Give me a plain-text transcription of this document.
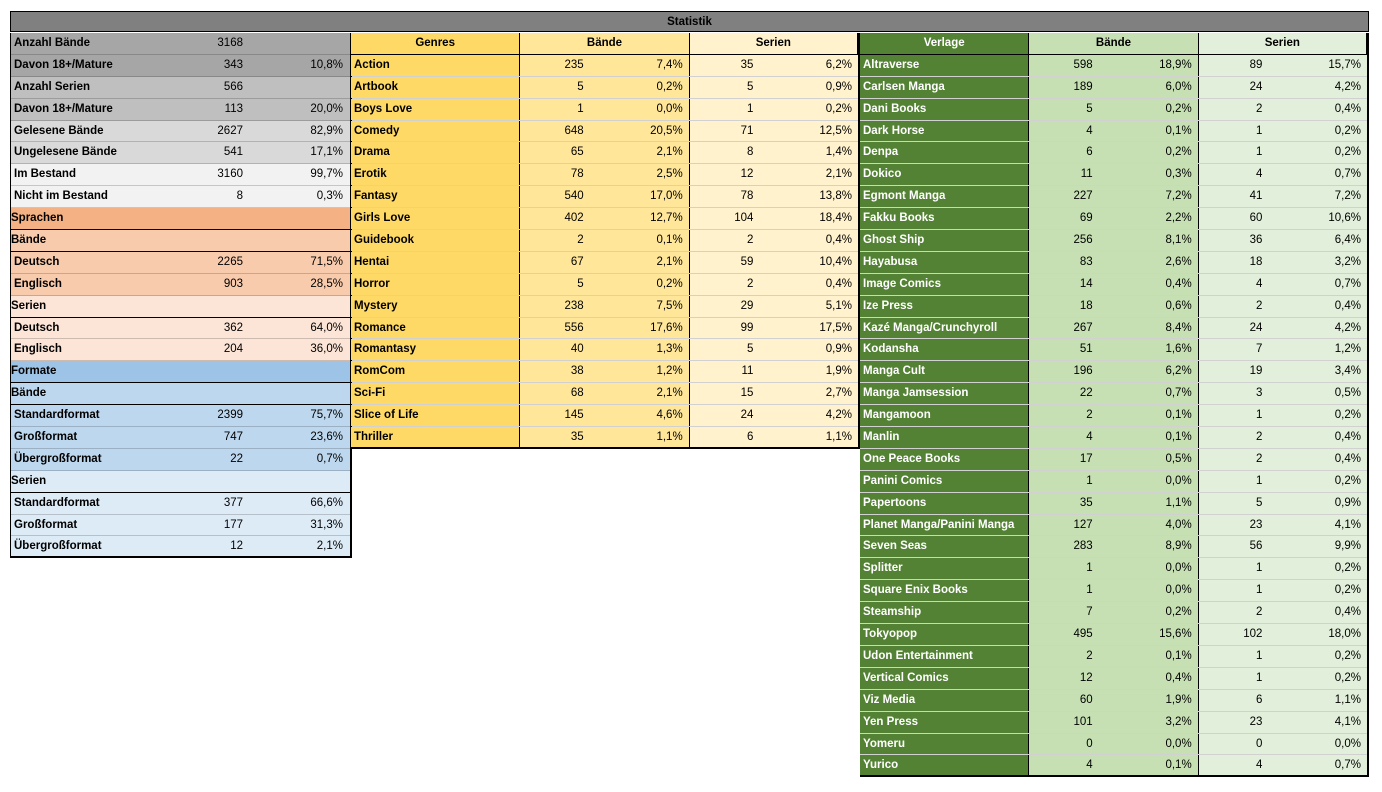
Statistik
Anzahl Bände	3168
Davon 18+/Mature	343	10,8%
Anzahl Serien	566
Davon 18+/Mature	113	20,0%
Gelesene Bände	2627	82,9%
Ungelesene Bände	541	17,1%
Im Bestand	3160	99,7%
Nicht im Bestand	8	0,3%
Sprachen
Bände
Deutsch	2265	71,5%
Englisch	903	28,5%
Serien
Deutsch	362	64,0%
Englisch	204	36,0%
Formate
Bände
Standardformat	2399	75,7%
Großformat	747	23,6%
Übergroßformat	22	0,7%
Serien
Standardformat	377	66,6%
Großformat	177	31,3%
Übergroßformat	12	2,1%
Genres	Bände	Serien
Action	235	7,4%	35	6,2%
Artbook	5	0,2%	5	0,9%
Boys Love	1	0,0%	1	0,2%
Comedy	648	20,5%	71	12,5%
Drama	65	2,1%	8	1,4%
Erotik	78	2,5%	12	2,1%
Fantasy	540	17,0%	78	13,8%
Girls Love	402	12,7%	104	18,4%
Guidebook	2	0,1%	2	0,4%
Hentai	67	2,1%	59	10,4%
Horror	5	0,2%	2	0,4%
Mystery	238	7,5%	29	5,1%
Romance	556	17,6%	99	17,5%
Romantasy	40	1,3%	5	0,9%
RomCom	38	1,2%	11	1,9%
Sci-Fi	68	2,1%	15	2,7%
Slice of Life	145	4,6%	24	4,2%
Thriller	35	1,1%	6	1,1%
Verlage	Bände	Serien
Altraverse	598	18,9%	89	15,7%
Carlsen Manga	189	6,0%	24	4,2%
Dani Books	5	0,2%	2	0,4%
Dark Horse	4	0,1%	1	0,2%
Denpa	6	0,2%	1	0,2%
Dokico	11	0,3%	4	0,7%
Egmont Manga	227	7,2%	41	7,2%
Fakku Books	69	2,2%	60	10,6%
Ghost Ship	256	8,1%	36	6,4%
Hayabusa	83	2,6%	18	3,2%
Image Comics	14	0,4%	4	0,7%
Ize Press	18	0,6%	2	0,4%
Kazé Manga/Crunchyroll	267	8,4%	24	4,2%
Kodansha	51	1,6%	7	1,2%
Manga Cult	196	6,2%	19	3,4%
Manga Jamsession	22	0,7%	3	0,5%
Mangamoon	2	0,1%	1	0,2%
Manlin	4	0,1%	2	0,4%
One Peace Books	17	0,5%	2	0,4%
Panini Comics	1	0,0%	1	0,2%
Papertoons	35	1,1%	5	0,9%
Planet Manga/Panini Manga	127	4,0%	23	4,1%
Seven Seas	283	8,9%	56	9,9%
Splitter	1	0,0%	1	0,2%
Square Enix Books	1	0,0%	1	0,2%
Steamship	7	0,2%	2	0,4%
Tokyopop	495	15,6%	102	18,0%
Udon Entertainment	2	0,1%	1	0,2%
Vertical Comics	12	0,4%	1	0,2%
Viz Media	60	1,9%	6	1,1%
Yen Press	101	3,2%	23	4,1%
Yomeru	0	0,0%	0	0,0%
Yurico	4	0,1%	4	0,7%
